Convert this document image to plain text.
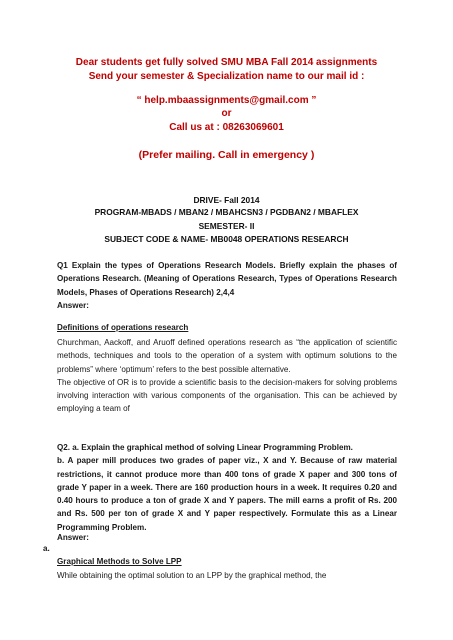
Dear students get fully solved SMU MBA Fall 2014 assignments
Send your semester & Specialization name to our mail id :
“ help.mbaassignments@gmail.com ”
or
Call us at : 08263069601
(Prefer mailing. Call in emergency )
DRIVE- Fall 2014
PROGRAM-MBADS / MBAN2 / MBAHCSN3 / PGDBAN2 / MBAFLEX
SEMESTER- II
SUBJECT CODE & NAME- MB0048 OPERATIONS RESEARCH

Q1 Explain the types of Operations Research Models. Briefly explain the phases of Operations Research. (Meaning of Operations Research, Types of Operations Research Models, Phases of Operations Research) 2,4,4

Answer:

Definitions of operations research

Churchman, Aackoff, and Aruoff defined operations research as “the application of scientific methods, techniques and tools to the operation of a system with optimum solutions to the problems” where ‘optimum’ refers to the best possible alternative.

The objective of OR is to provide a scientific basis to the decision-makers for solving problems involving interaction with various components of the organisation. This can be achieved by employing a team of

Q2. a. Explain the graphical method of solving Linear Programming Problem.

b. A paper mill produces two grades of paper viz., X and Y. Because of raw material restrictions, it cannot produce more than 400 tons of grade X paper and 300 tons of grade Y paper in a week. There are 160 production hours in a week. It requires 0.20 and 0.40 hours to produce a ton of grade X and Y papers. The mill earns a profit of Rs. 200 and Rs. 500 per ton of grade X and Y paper respectively. Formulate this as a Linear Programming Problem.

Answer:
a.
Graphical Methods to Solve LPP
While obtaining the optimal solution to an LPP by the graphical method, the
